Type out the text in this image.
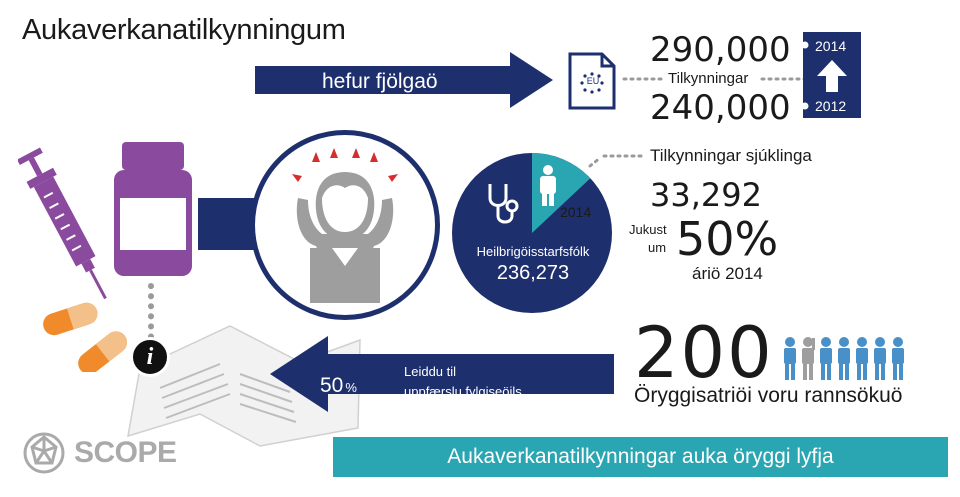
Aukaverkanatilkynningum
hefur fjölgaö	EU
290,000
Tilkynningar
240,000
2014
2012
i
2014
Heilbrigöisstarfsfólk
236,273
Tilkynningar sjúklinga
33,292
Jukust
um 50%
áriö 2014
200
Öryggisatriöi voru rannsökuö
50 %
Leiddu til
uppfærslu fylgiseöils
Aukaverkanatilkynningar auka öryggi lyfja
SCOPE
